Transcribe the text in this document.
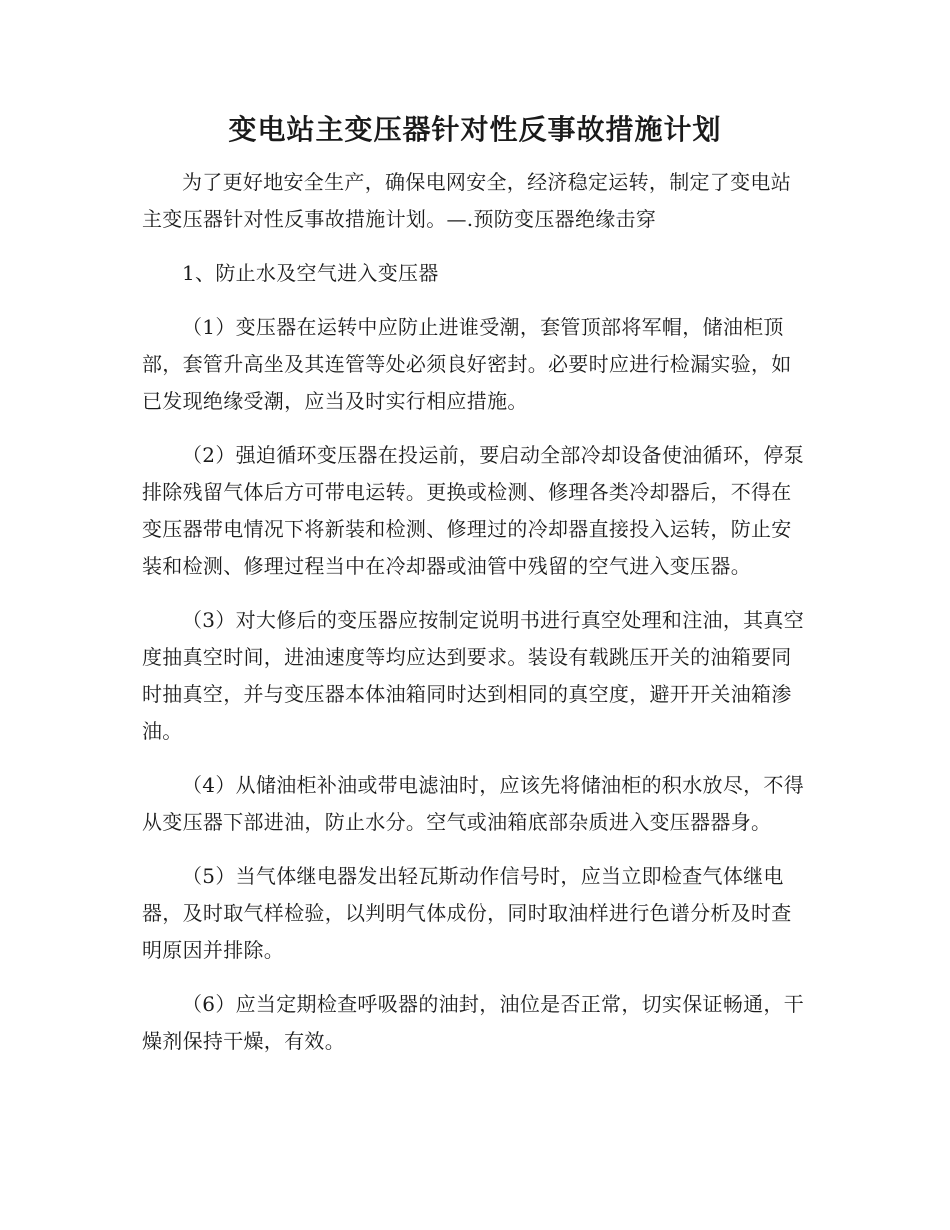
变电站主变压器针对性反事故措施计划

为了更好地安全生产，确保电网安全，经济稳定运转，制定了变电站主变压器针对性反事故措施计划。—.预防变压器绝缘击穿

1、防止水及空气进入变压器

（1）变压器在运转中应防止进谁受潮，套管顶部将军帽，储油柜顶部，套管升高坐及其连管等处必须良好密封。必要时应进行检漏实验，如已发现绝缘受潮，应当及时实行相应措施。

（2）强迫循环变压器在投运前，要启动全部冷却设备使油循环，停泵排除残留气体后方可带电运转。更换或检测、修理各类冷却器后，不得在变压器带电情况下将新装和检测、修理过的冷却器直接投入运转，防止安装和检测、修理过程当中在冷却器或油管中残留的空气进入变压器。

（3）对大修后的变压器应按制定说明书进行真空处理和注油，其真空度抽真空时间，进油速度等均应达到要求。装设有载跳压开关的油箱要同时抽真空，并与变压器本体油箱同时达到相同的真空度，避开开关油箱渗油。

（4）从储油柜补油或带电滤油时，应该先将储油柜的积水放尽，不得从变压器下部进油，防止水分。空气或油箱底部杂质进入变压器器身。

（5）当气体继电器发出轻瓦斯动作信号时，应当立即检查气体继电器，及时取气样检验，以判明气体成份，同时取油样进行色谱分析及时查明原因并排除。

（6）应当定期检查呼吸器的油封，油位是否正常，切实保证畅通，干燥剂保持干燥，有效。
